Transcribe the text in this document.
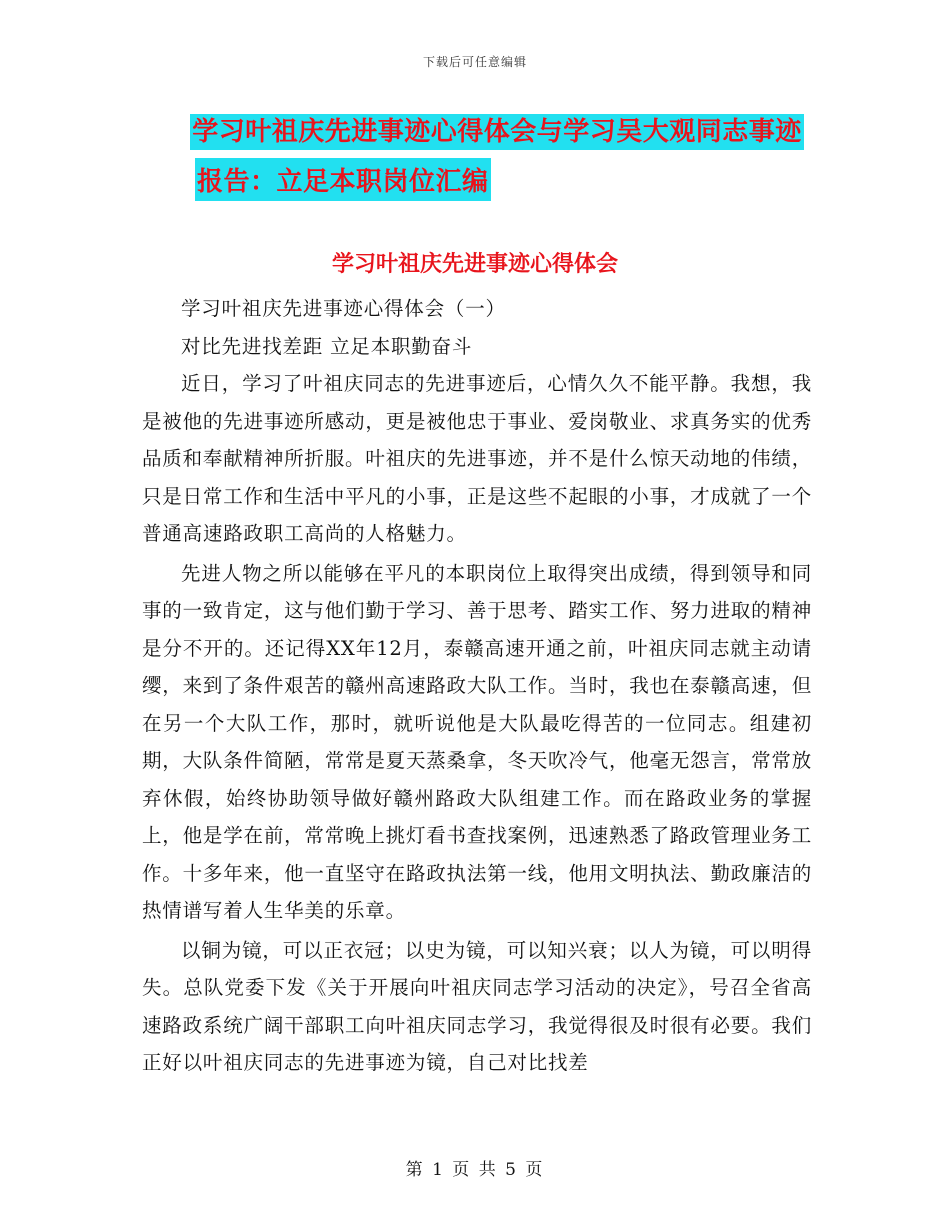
下载后可任意编辑
学习叶祖庆先进事迹心得体会与学习吴大观同志事迹
报告：立足本职岗位汇编
学习叶祖庆先进事迹心得体会

学习叶祖庆先进事迹心得体会（一）

对比先进找差距 立足本职勤奋斗

近日，学习了叶祖庆同志的先进事迹后，心情久久不能平静。我想，我是被他的先进事迹所感动，更是被他忠于事业、爱岗敬业、求真务实的优秀品质和奉献精神所折服。叶祖庆的先进事迹，并不是什么惊天动地的伟绩，只是日常工作和生活中平凡的小事，正是这些不起眼的小事，才成就了一个普通高速路政职工高尚的人格魅力。

先进人物之所以能够在平凡的本职岗位上取得突出成绩，得到领导和同事的一致肯定，这与他们勤于学习、善于思考、踏实工作、努力进取的精神是分不开的。还记得XX年12月，泰赣高速开通之前，叶祖庆同志就主动请缨，来到了条件艰苦的赣州高速路政大队工作。当时，我也在泰赣高速，但在另一个大队工作，那时，就听说他是大队最吃得苦的一位同志。组建初期，大队条件简陋，常常是夏天蒸桑拿，冬天吹冷气，他毫无怨言，常常放弃休假，始终协助领导做好赣州路政大队组建工作。而在路政业务的掌握上，他是学在前，常常晚上挑灯看书查找案例，迅速熟悉了路政管理业务工作。十多年来，他一直坚守在路政执法第一线，他用文明执法、勤政廉洁的热情谱写着人生华美的乐章。

以铜为镜，可以正衣冠；以史为镜，可以知兴衰；以人为镜，可以明得失。总队党委下发《关于开展向叶祖庆同志学习活动的决定》，号召全省高速路政系统广阔干部职工向叶祖庆同志学习，我觉得很及时很有必要。我们正好以叶祖庆同志的先进事迹为镜，自己对比找差

第 1 页 共 5 页
